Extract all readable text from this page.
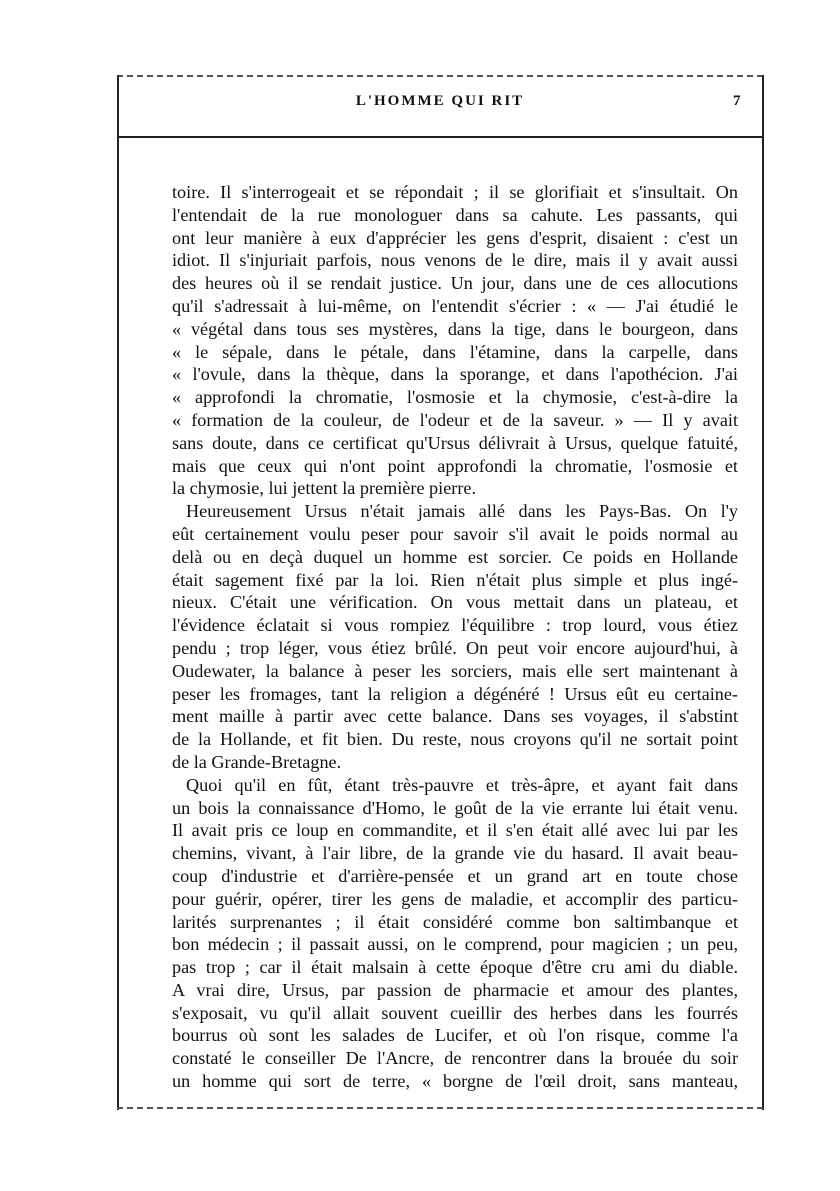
L'HOMME QUI RIT	7
toire. Il s'interrogeait et se répondait ; il se glorifiait et s'insultait. On
l'entendait de la rue monologuer dans sa cahute. Les passants, qui
ont leur manière à eux d'apprécier les gens d'esprit, disaient : c'est un
idiot. Il s'injuriait parfois, nous venons de le dire, mais il y avait aussi
des heures où il se rendait justice. Un jour, dans une de ces allocutions
qu'il s'adressait à lui-même, on l'entendit s'écrier : « — J'ai étudié le
« végétal dans tous ses mystères, dans la tige, dans le bourgeon, dans
« le sépale, dans le pétale, dans l'étamine, dans la carpelle, dans
« l'ovule, dans la thèque, dans la sporange, et dans l'apothécion. J'ai
« approfondi la chromatie, l'osmosie et la chymosie, c'est-à-dire la
« formation de la couleur, de l'odeur et de la saveur. » — Il y avait
sans doute, dans ce certificat qu'Ursus délivrait à Ursus, quelque fatuité,
mais que ceux qui n'ont point approfondi la chromatie, l'osmosie et
la chymosie, lui jettent la première pierre.
Heureusement Ursus n'était jamais allé dans les Pays-Bas. On l'y
eût certainement voulu peser pour savoir s'il avait le poids normal au
delà ou en deçà duquel un homme est sorcier. Ce poids en Hollande
était sagement fixé par la loi. Rien n'était plus simple et plus ingé-
nieux. C'était une vérification. On vous mettait dans un plateau, et
l'évidence éclatait si vous rompiez l'équilibre : trop lourd, vous étiez
pendu ; trop léger, vous étiez brûlé. On peut voir encore aujourd'hui, à
Oudewater, la balance à peser les sorciers, mais elle sert maintenant à
peser les fromages, tant la religion a dégénéré ! Ursus eût eu certaine-
ment maille à partir avec cette balance. Dans ses voyages, il s'abstint
de la Hollande, et fit bien. Du reste, nous croyons qu'il ne sortait point
de la Grande-Bretagne.
Quoi qu'il en fût, étant très-pauvre et très-âpre, et ayant fait dans
un bois la connaissance d'Homo, le goût de la vie errante lui était venu.
Il avait pris ce loup en commandite, et il s'en était allé avec lui par les
chemins, vivant, à l'air libre, de la grande vie du hasard. Il avait beau-
coup d'industrie et d'arrière-pensée et un grand art en toute chose
pour guérir, opérer, tirer les gens de maladie, et accomplir des particu-
larités surprenantes ; il était considéré comme bon saltimbanque et
bon médecin ; il passait aussi, on le comprend, pour magicien ; un peu,
pas trop ; car il était malsain à cette époque d'être cru ami du diable.
A vrai dire, Ursus, par passion de pharmacie et amour des plantes,
s'exposait, vu qu'il allait souvent cueillir des herbes dans les fourrés
bourrus où sont les salades de Lucifer, et où l'on risque, comme l'a
constaté le conseiller De l'Ancre, de rencontrer dans la brouée du soir
un homme qui sort de terre, « borgne de l'œil droit, sans manteau,
